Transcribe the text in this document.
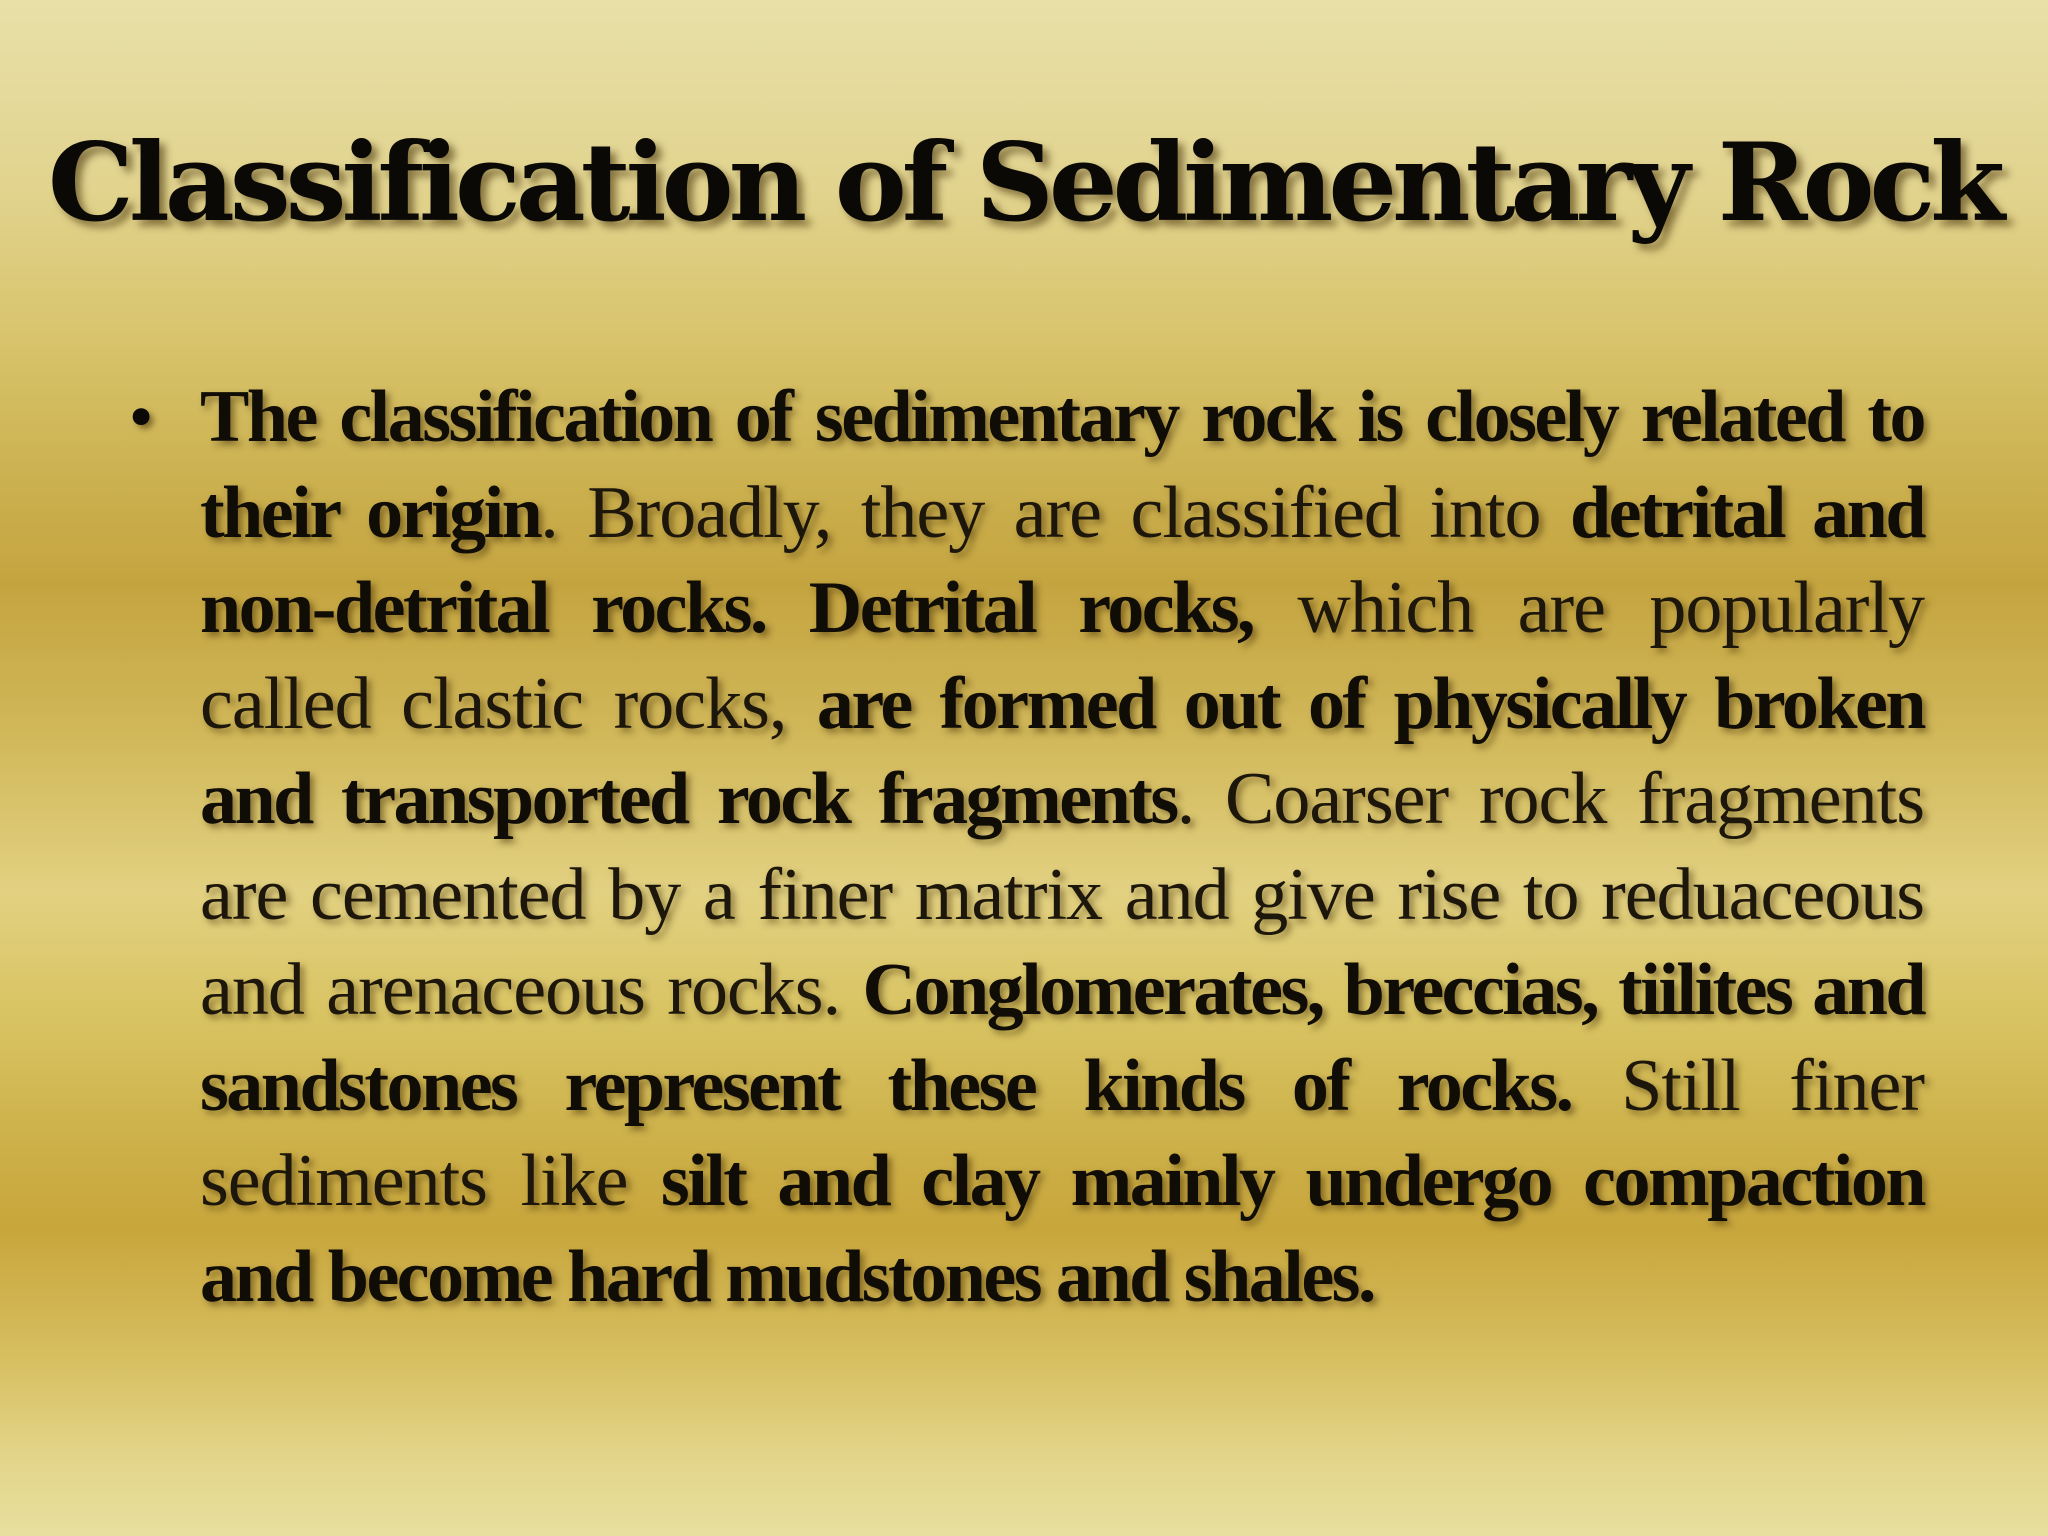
Classification of Sedimentary Rock
• The classification of sedimentary rock is closely related to their origin. Broadly, they are classified into detrital and non-detrital rocks. Detrital rocks, which are popularly called clastic rocks, are formed out of physically broken and transported rock fragments. Coarser rock fragments are cemented by a finer matrix and give rise to reduaceous and arenaceous rocks. Conglomerates, breccias, tiilites and sandstones represent these kinds of rocks. Still finer sediments like silt and clay mainly undergo compaction and become hard mudstones and shales.
